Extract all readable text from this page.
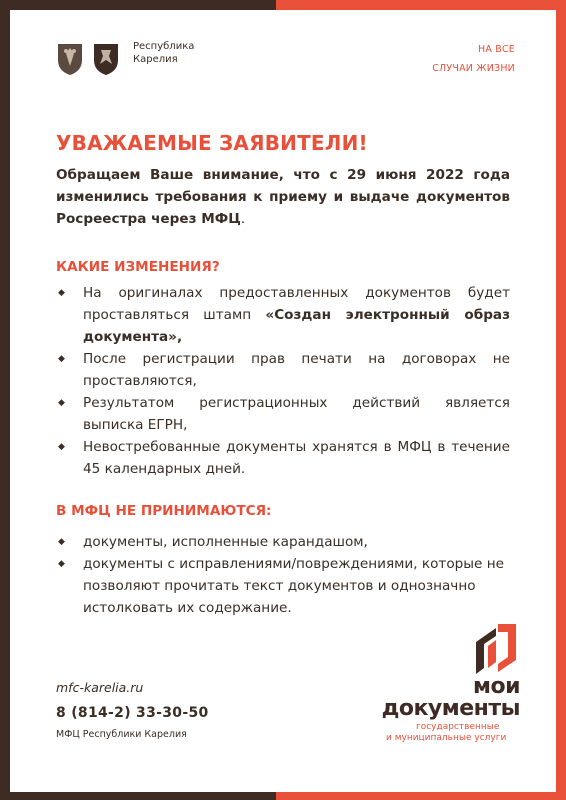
Республика
Карелия
НА ВСЕ
СЛУЧАИ ЖИЗНИ
УВАЖАЕМЫЕ ЗАЯВИТЕЛИ!
Обращаем Ваше внимание, что с 29 июня 2022 года изменились требования к приему и выдаче документов Росреестра через МФЦ.
КАКИЕ ИЗМЕНЕНИЯ?
◆ На оригиналах предоставленных документов будет проставляться штамп «Создан электронный образ документа»,
◆ После регистрации прав печати на договорах не проставляются,
◆ Результатом регистрационных действий является выписка ЕГРН,
◆ Невостребованные документы хранятся в МФЦ в течение 45 календарных дней.
В МФЦ НЕ ПРИНИМАЮТСЯ:
◆ документы, исполненные карандашом,
◆ документы с исправлениями/повреждениями, которые не позволяют прочитать текст документов и однозначно истолковать их содержание.
mfc-karelia.ru
8 (814-2) 33-30-50
МФЦ Республики Карелия
мои
документы
государственные
и муниципальные услуги
